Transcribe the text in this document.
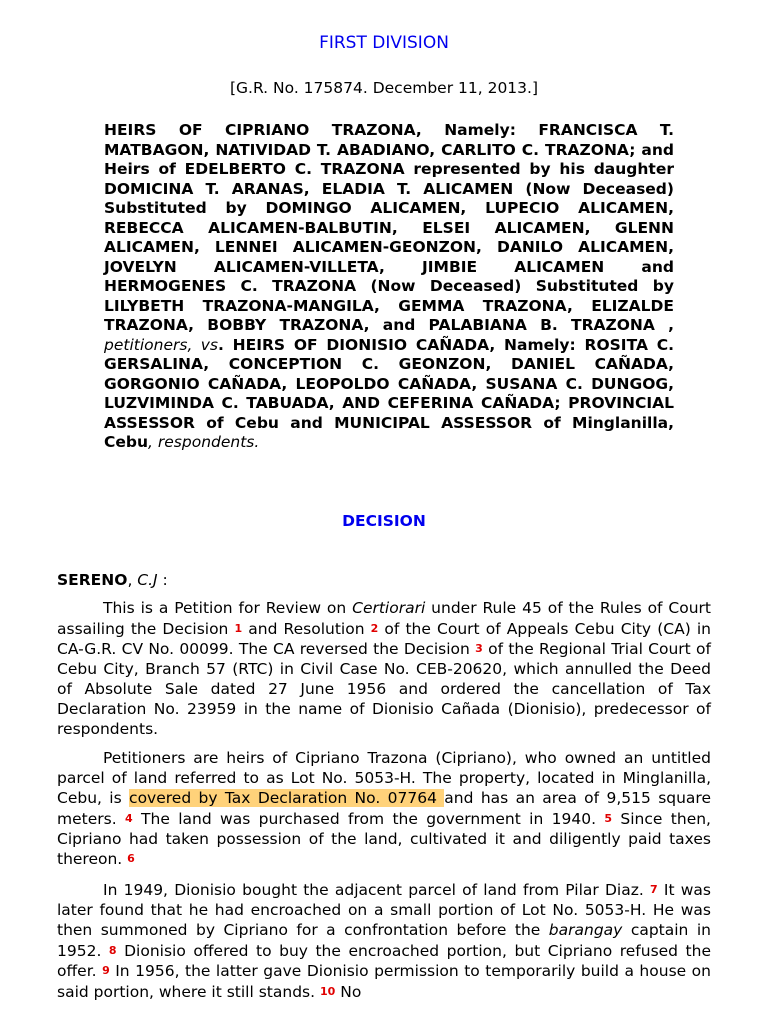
FIRST DIVISION
[G.R. No. 175874. December 11, 2013.]
HEIRS OF CIPRIANO TRAZONA, Namely: FRANCISCA T. MATBAGON, NATIVIDAD T. ABADIANO, CARLITO C. TRAZONA; and Heirs of EDELBERTO C. TRAZONA represented by his daughter DOMICINA T. ARANAS, ELADIA T. ALICAMEN (Now Deceased) Substituted by DOMINGO ALICAMEN, LUPECIO ALICAMEN, REBECCA ALICAMEN-BALBUTIN, ELSEI ALICAMEN, GLENN ALICAMEN, LENNEI ALICAMEN-GEONZON, DANILO ALICAMEN, JOVELYN ALICAMEN-VILLETA, JIMBIE ALICAMEN and HERMOGENES C. TRAZONA (Now Deceased) Substituted by LILYBETH TRAZONA-MANGILA, GEMMA TRAZONA, ELIZALDE TRAZONA, BOBBY TRAZONA, and PALABIANA B. TRAZONA , petitioners, vs. HEIRS OF DIONISIO CAÑADA, Namely: ROSITA C. GERSALINA, CONCEPTION C. GEONZON, DANIEL CAÑADA, GORGONIO CAÑADA, LEOPOLDO CAÑADA, SUSANA C. DUNGOG, LUZVIMINDA C. TABUADA, AND CEFERINA CAÑADA; PROVINCIAL ASSESSOR of Cebu and MUNICIPAL ASSESSOR of Minglanilla, Cebu, respondents.
DECISION

SERENO, C.J :

This is a Petition for Review on Certiorari under Rule 45 of the Rules of Court assailing the Decision 1 and Resolution 2 of the Court of Appeals Cebu City (CA) in CA-G.R. CV No. 00099. The CA reversed the Decision 3 of the Regional Trial Court of Cebu City, Branch 57 (RTC) in Civil Case No. CEB-20620, which annulled the Deed of Absolute Sale dated 27 June 1956 and ordered the cancellation of Tax Declaration No. 23959 in the name of Dionisio Cañada (Dionisio), predecessor of respondents.

Petitioners are heirs of Cipriano Trazona (Cipriano), who owned an untitled parcel of land referred to as Lot No. 5053-H. The property, located in Minglanilla, Cebu, is covered by Tax Declaration No. 07764 and has an area of 9,515 square meters. 4 The land was purchased from the government in 1940. 5 Since then, Cipriano had taken possession of the land, cultivated it and diligently paid taxes thereon. 6

In 1949, Dionisio bought the adjacent parcel of land from Pilar Diaz. 7 It was later found that he had encroached on a small portion of Lot No. 5053-H. He was then summoned by Cipriano for a confrontation before the barangay captain in 1952. 8 Dionisio offered to buy the encroached portion, but Cipriano refused the offer. 9 In 1956, the latter gave Dionisio permission to temporarily build a house on said portion, where it still stands. 10 No
